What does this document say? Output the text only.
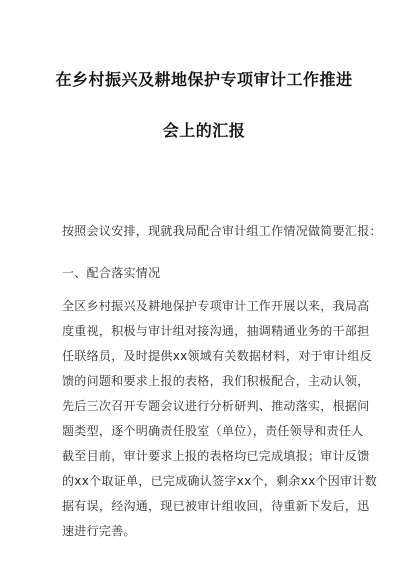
在乡村振兴及耕地保护专项审计工作推进
会上的汇报
按照会议安排，现就我局配合审计组工作情况做简要汇报：
一、配合落实情况
全区乡村振兴及耕地保护专项审计工作开展以来，我局高
度重视，积极与审计组对接沟通，抽调精通业务的干部担
任联络员，及时提供xx领域有关数据材料，对于审计组反
馈的问题和要求上报的表格，我们积极配合，主动认领，
先后三次召开专题会议进行分析研判、推动落实，根据问
题类型，逐个明确责任股室（单位），责任领导和责任人
截至目前，审计要求上报的表格均已完成填报；审计反馈
的xx个取证单，已完成确认签字xx个，剩余xx个因审计数
据有误，经沟通，现已被审计组收回，待重新下发后，迅
速进行完善。
